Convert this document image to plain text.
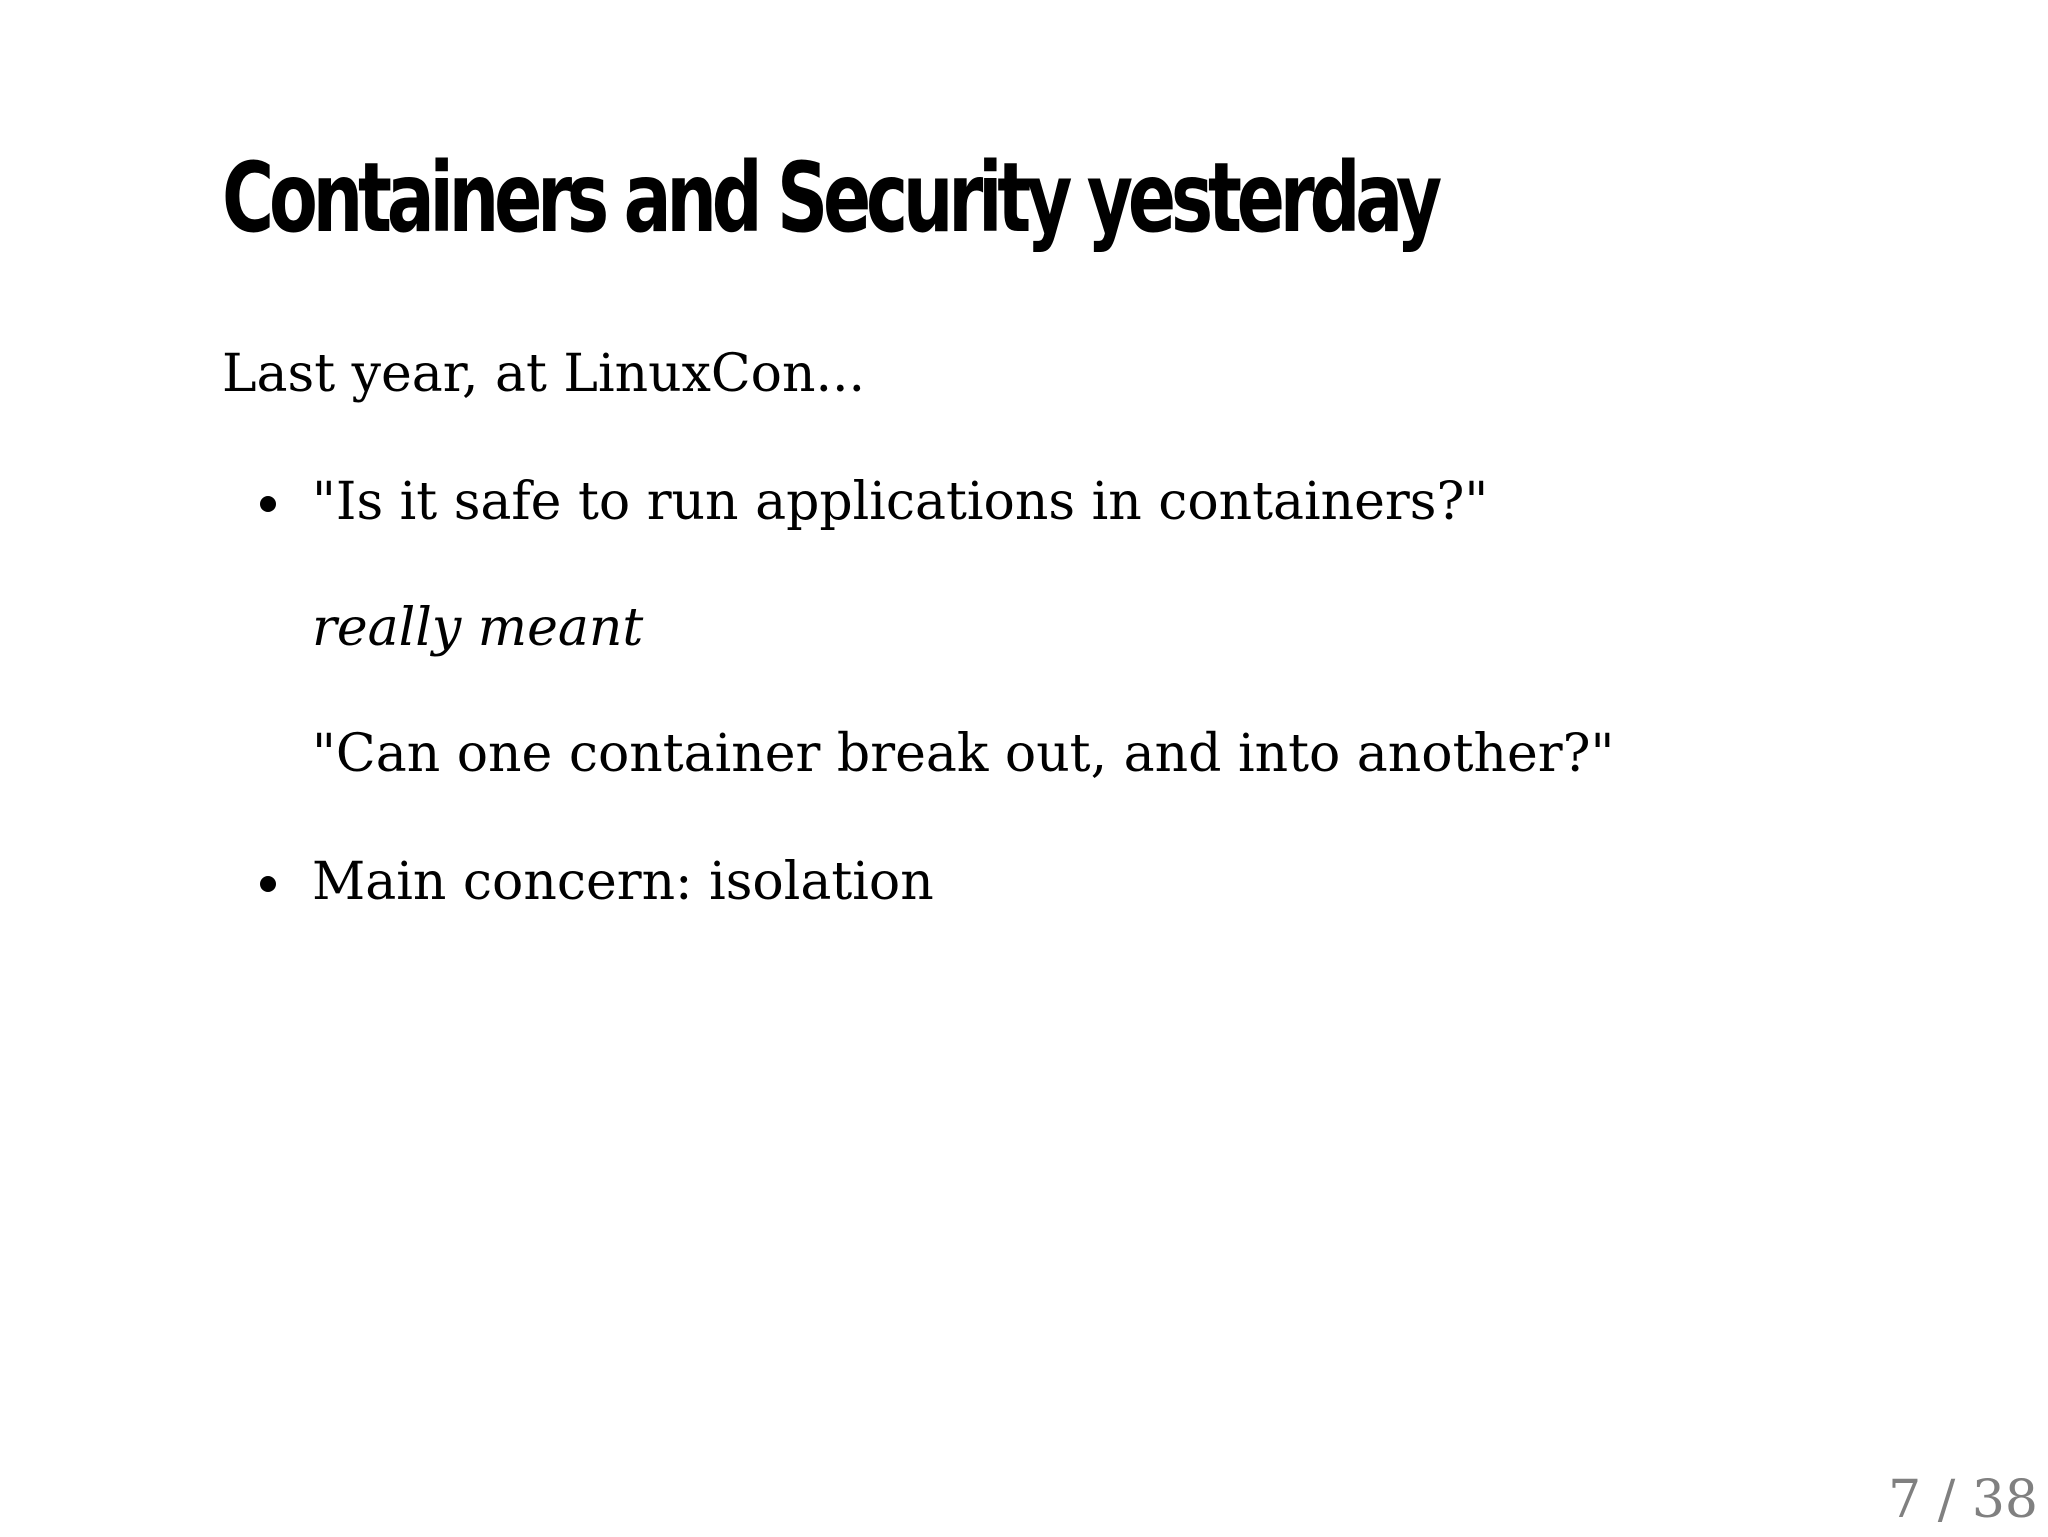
Containers and Security yesterday

Last year, at LinuxCon...

"Is it safe to run applications in containers?"

really meant

"Can one container break out, and into another?"

Main concern: isolation

7 / 38
